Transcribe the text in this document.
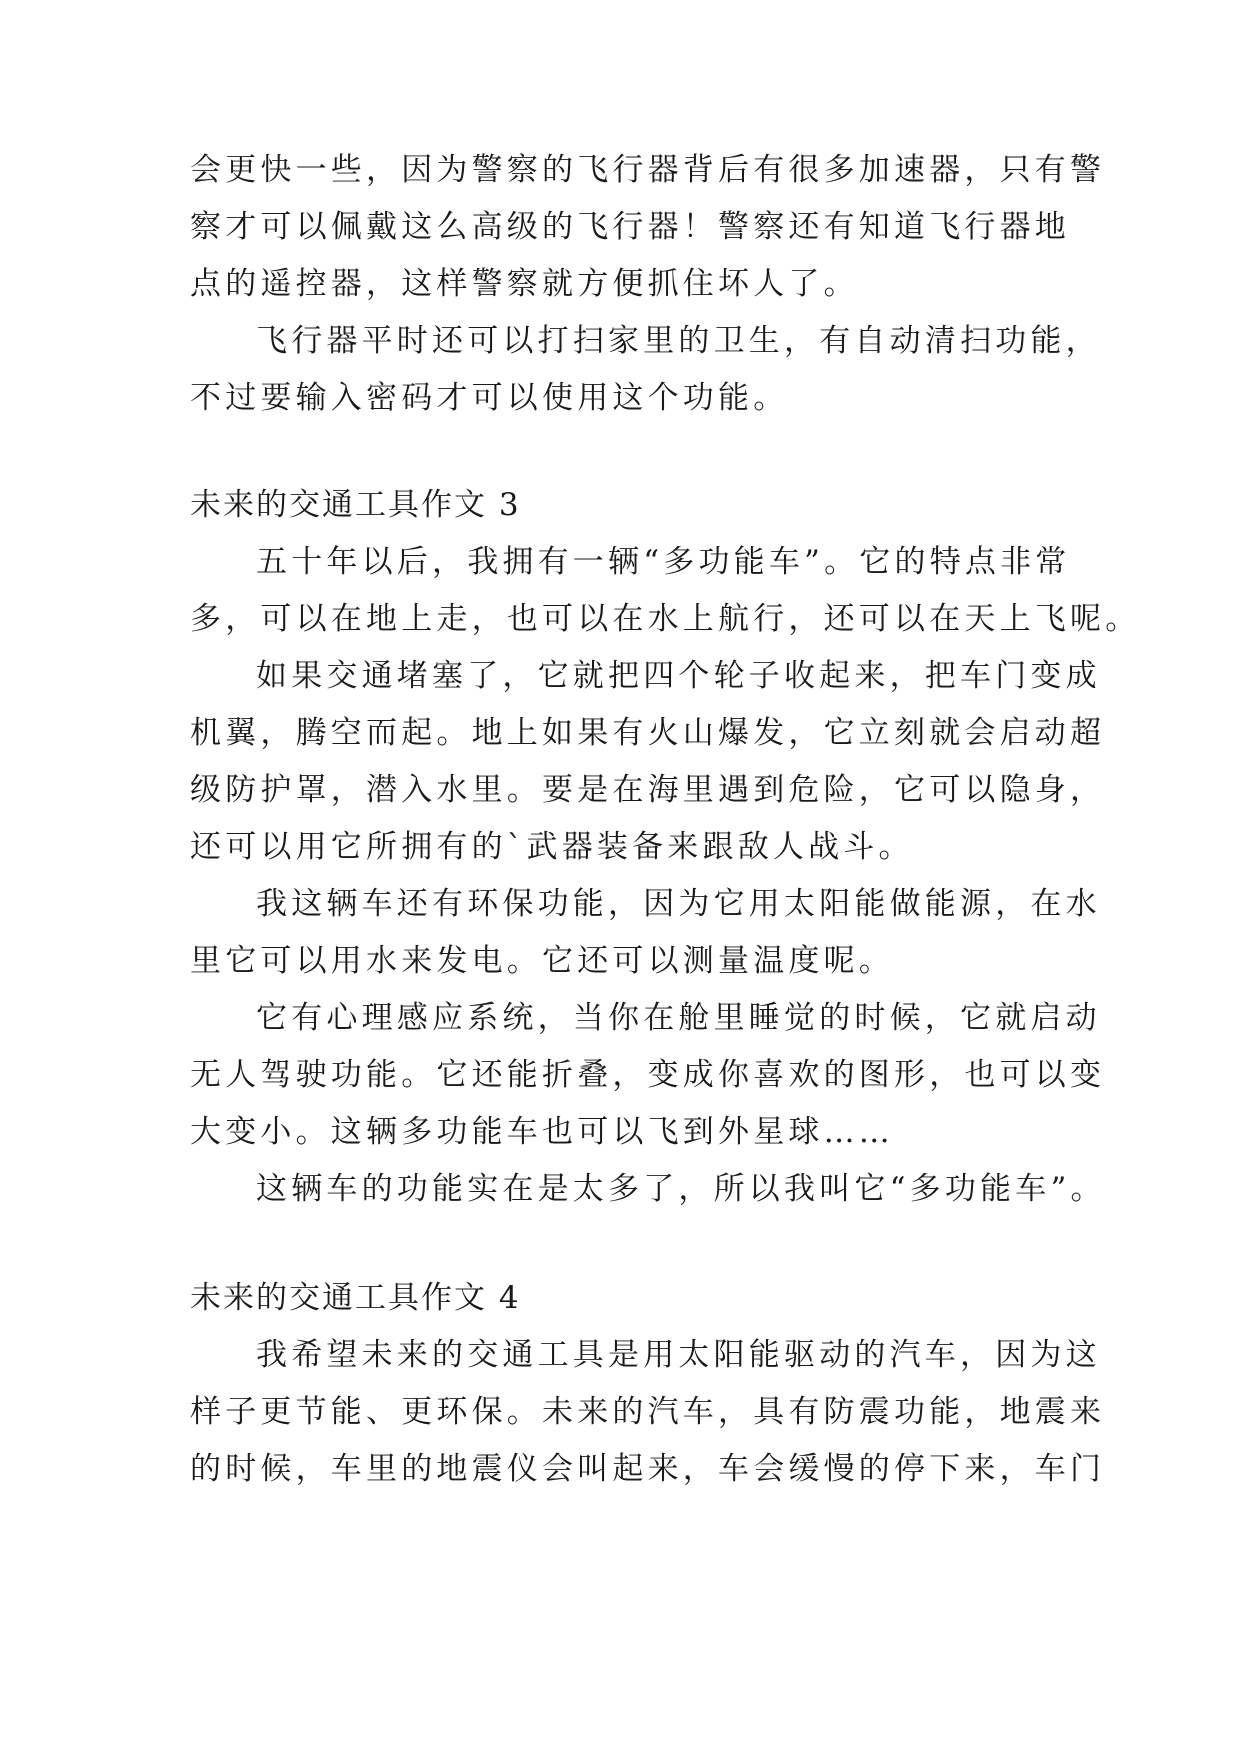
会更快一些，因为警察的飞行器背后有很多加速器，只有警
察才可以佩戴这么高级的飞行器！警察还有知道飞行器地
点的遥控器，这样警察就方便抓住坏人了。
飞行器平时还可以打扫家里的卫生，有自动清扫功能，
不过要输入密码才可以使用这个功能。
未来的交通工具作文 3
五十年以后，我拥有一辆“多功能车”。它的特点非常
多，可以在地上走，也可以在水上航行，还可以在天上飞呢。
如果交通堵塞了，它就把四个轮子收起来，把车门变成
机翼，腾空而起。地上如果有火山爆发，它立刻就会启动超
级防护罩，潜入水里。要是在海里遇到危险，它可以隐身，
还可以用它所拥有的`武器装备来跟敌人战斗。
我这辆车还有环保功能，因为它用太阳能做能源，在水
里它可以用水来发电。它还可以测量温度呢。
它有心理感应系统，当你在舱里睡觉的时候，它就启动
无人驾驶功能。它还能折叠，变成你喜欢的图形，也可以变
大变小。这辆多功能车也可以飞到外星球……
这辆车的功能实在是太多了，所以我叫它“多功能车”。
未来的交通工具作文 4
我希望未来的交通工具是用太阳能驱动的汽车，因为这
样子更节能、更环保。未来的汽车，具有防震功能，地震来
的时候，车里的地震仪会叫起来，车会缓慢的停下来，车门
